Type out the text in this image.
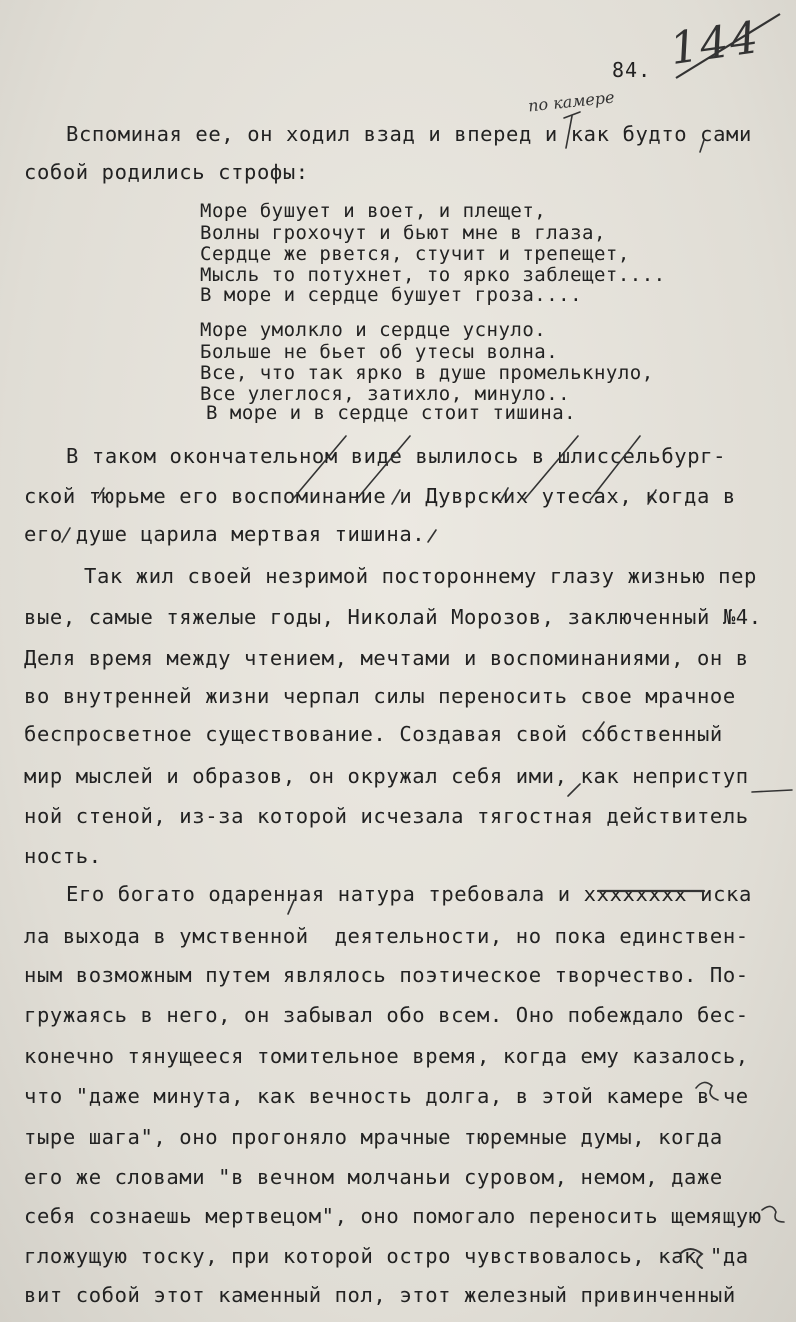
144
84.
по камере
Вспоминая ее, он ходил взад и вперед и как будто сами
собой родились строфы:
Море бушует и воет, и плещет,
Волны грохочут и бьют мне в глаза,
Сердце же рвется, стучит и трепещет,
Мысль то потухнет, то ярко заблещет....
В море и сердце бушует гроза....
Море умолкло и сердце уснуло.
Больше не бьет об утесы волна.
Все, что так ярко в душе промелькнуло,
Все улеглося, затихло, минуло..
В море и в сердце стоит тишина.
В таком окончательном виде вылилось в шлиссельбург-
ской тюрьме его воспоминание и Дуврских утесах, когда в
его душе царила мертвая тишина.
Так жил своей незримой постороннему глазу жизнью пер
вые, самые тяжелые годы, Николай Морозов, заключенный №4.
Деля время между чтением, мечтами и воспоминаниями, он в
во внутренней жизни черпал силы переносить свое мрачное
беспросветное существование. Создавая свой собственный
мир мыслей и образов, он окружал себя ими, как неприступ
ной стеной, из-за которой исчезала тягостная действитель
ность.
Его богато одаренная натура требовала и хххххххх иска
ла выхода в умственной  деятельности, но пока единствен-
ным возможным путем являлось поэтическое творчество. По-
гружаясь в него, он забывал обо всем. Оно побеждало бес-
конечно тянущееся томительное время, когда ему казалось,
что "даже минута, как вечность долга, в этой камере в че
тыре шага", оно прогоняло мрачные тюремные думы, когда
его же словами "в вечном молчаньи суровом, немом, даже
себя сознаешь мертвецом", оно помогало переносить щемящую
гложущую тоску, при которой остро чувствовалось, как "да
вит собой этот каменный пол, этот железный привинченный
